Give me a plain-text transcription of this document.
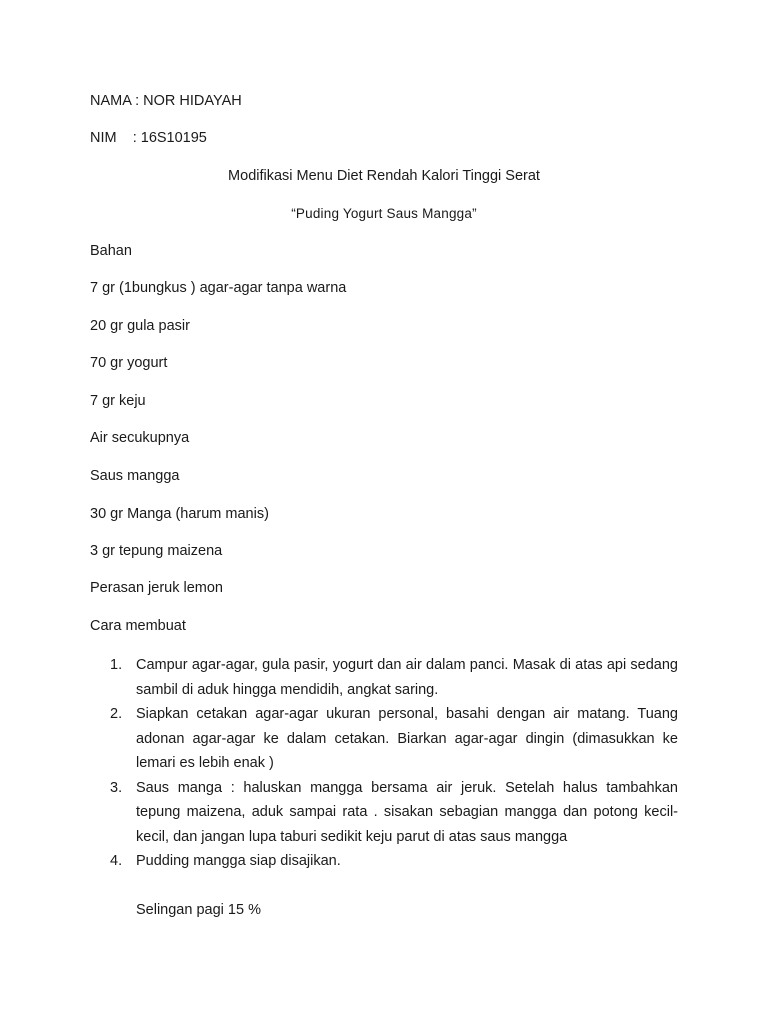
NAMA : NOR HIDAYAH
NIM    : 16S10195
Modifikasi Menu Diet Rendah Kalori Tinggi Serat
“Puding Yogurt Saus Mangga”
Bahan
7 gr (1bungkus ) agar-agar tanpa warna
20 gr gula pasir
70 gr yogurt
7 gr keju
Air secukupnya
Saus mangga
30 gr Manga (harum manis)
3 gr tepung maizena
Perasan jeruk lemon
Cara membuat
1. Campur agar-agar, gula pasir, yogurt dan air dalam panci. Masak di atas api sedang sambil di aduk hingga mendidih, angkat saring.
2. Siapkan cetakan agar-agar ukuran personal, basahi dengan air matang. Tuang adonan agar-agar ke dalam cetakan. Biarkan agar-agar dingin (dimasukkan ke lemari es lebih enak )
3. Saus manga : haluskan mangga bersama air jeruk. Setelah halus tambahkan tepung maizena, aduk sampai rata . sisakan sebagian mangga dan potong kecil-kecil, dan jangan lupa taburi sedikit keju parut di atas saus mangga
4. Pudding mangga siap disajikan.
Selingan pagi 15 %
